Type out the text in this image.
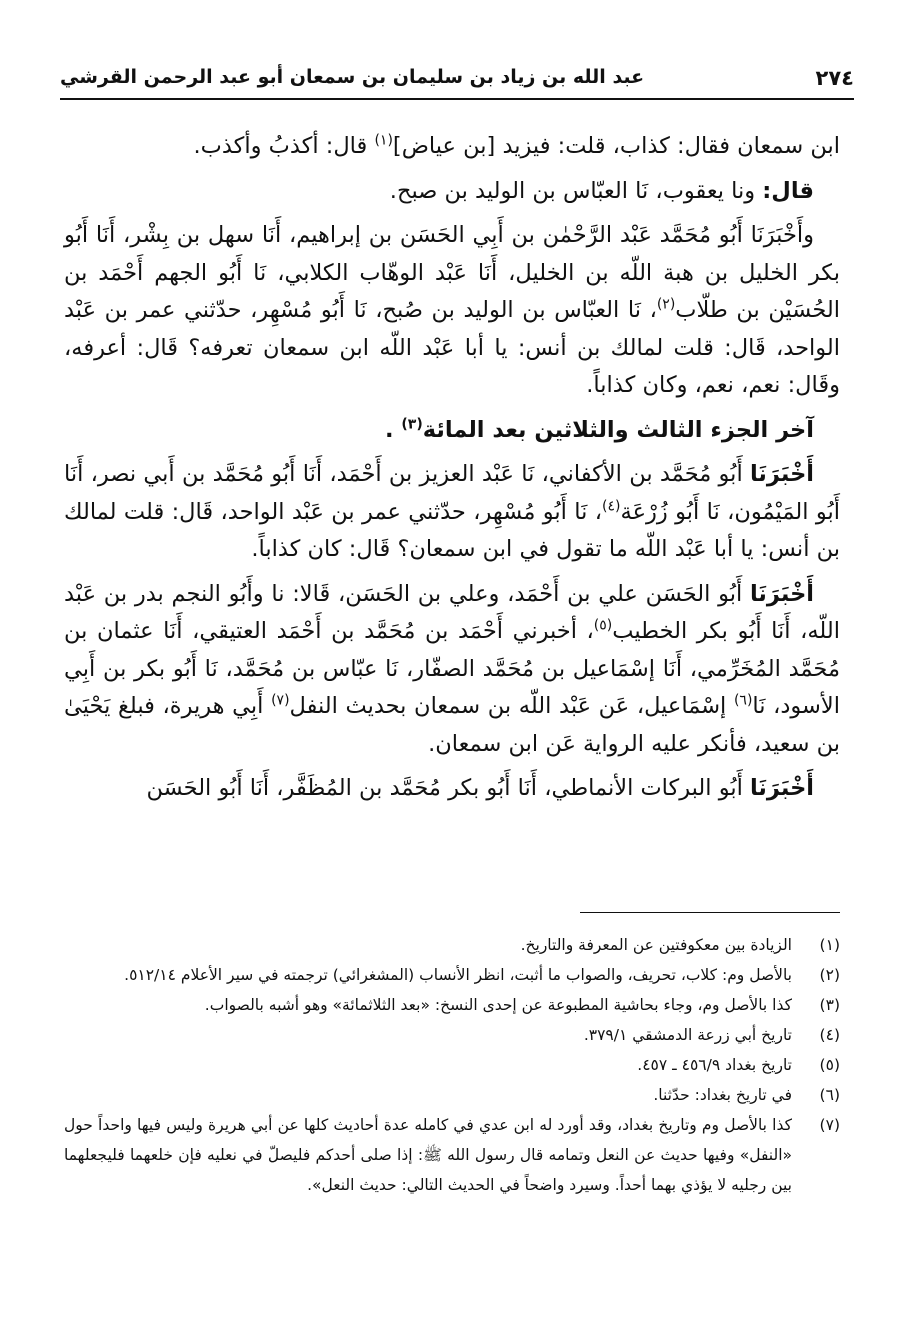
٢٧٤
عبد الله بن زياد بن سليمان بن سمعان أبو عبد الرحمن القرشي

ابن سمعان فقال: كذاب، قلت: فيزيد [بن عياض]$^{(١)}$ قال: أكذبُ وأكذب.

قال: ونا يعقوب، نَا العبّاس بن الوليد بن صبح.

وأَخْبَرَنَا أَبُو مُحَمَّد عَبْد الرَّحْمٰن بن أَبِي الحَسَن بن إبراهيم، أَنَا سهل بن بِشْر، أَنَا أَبُو بكر الخليل بن هبة اللّه بن الخليل، أَنَا عَبْد الوهّاب الكلابي، نَا أَبُو الجهم أَحْمَد بن الحُسَيْن بن طلّاب$^{(٢)}$، نَا العبّاس بن الوليد بن صُبح، نَا أَبُو مُسْهِر، حدّثني عمر بن عَبْد الواحد، قَال: قلت لمالك بن أنس: يا أبا عَبْد اللّه ابن سمعان تعرفه؟ قَال: أعرفه، وقَال: نعم، نعم، وكان كذاباً.

آخر الجزء الثالث والثلاثين بعد المائة$^{(٣)}$ .

أَخْبَرَنَا أَبُو مُحَمَّد بن الأكفاني، نَا عَبْد العزيز بن أَحْمَد، أَنَا أَبُو مُحَمَّد بن أَبي نصر، أَنَا أَبُو المَيْمُون، نَا أَبُو زُرْعَة$^{(٤)}$، نَا أَبُو مُسْهِر، حدّثني عمر بن عَبْد الواحد، قَال: قلت لمالك بن أنس: يا أبا عَبْد اللّه ما تقول في ابن سمعان؟ قَال: كان كذاباً.

أَخْبَرَنَا أَبُو الحَسَن علي بن أَحْمَد، وعلي بن الحَسَن، قَالا: نا وأَبُو النجم بدر بن عَبْد اللّه، أَنَا أَبُو بكر الخطيب$^{(٥)}$، أخبرني أَحْمَد بن مُحَمَّد بن أَحْمَد العتيقي، أَنَا عثمان بن مُحَمَّد المُخَرِّمي، أَنَا إسْمَاعيل بن مُحَمَّد الصفّار، نَا عبّاس بن مُحَمَّد، نَا أَبُو بكر بن أَبِي الأسود، نَا$^{(٦)}$ إسْمَاعيل، عَن عَبْد اللّه بن سمعان بحديث النفل$^{(٧)}$ أَبِي هريرة، فبلغ يَحْيَىٰ بن سعيد، فأنكر عليه الرواية عَن ابن سمعان.

أَخْبَرَنَا أَبُو البركات الأنماطي، أَنَا أَبُو بكر مُحَمَّد بن المُظَفَّر، أَنَا أَبُو الحَسَن

(١)
الزيادة بين معكوفتين عن المعرفة والتاريخ.
(٢)
بالأصل وم: كلاب، تحريف، والصواب ما أثبت، انظر الأنساب (المشغرائي) ترجمته في سير الأعلام ٥١٢/١٤.
(٣)
كذا بالأصل وم، وجاء بحاشية المطبوعة عن إحدى النسخ: «بعد الثلاثمائة» وهو أشبه بالصواب.
(٤)
تاريخ أبي زرعة الدمشقي ٣٧٩/١.
(٥)
تاريخ بغداد ٤٥٦/٩ ـ ٤٥٧.
(٦)
في تاريخ بغداد: حدّثنا.
(٧)
كذا بالأصل وم وتاريخ بغداد، وقد أورد له ابن عدي في كامله عدة أحاديث كلها عن أبي هريرة وليس فيها واحداً حول «النفل» وفيها حديث عن النعل وتمامه قال رسول الله ﷺ: إذا صلى أحدكم فليصلّ في نعليه فإن خلعهما فليجعلهما بين رجليه لا يؤذي بهما أحداً. وسيرد واضحاً في الحديث التالي: حديث النعل».
